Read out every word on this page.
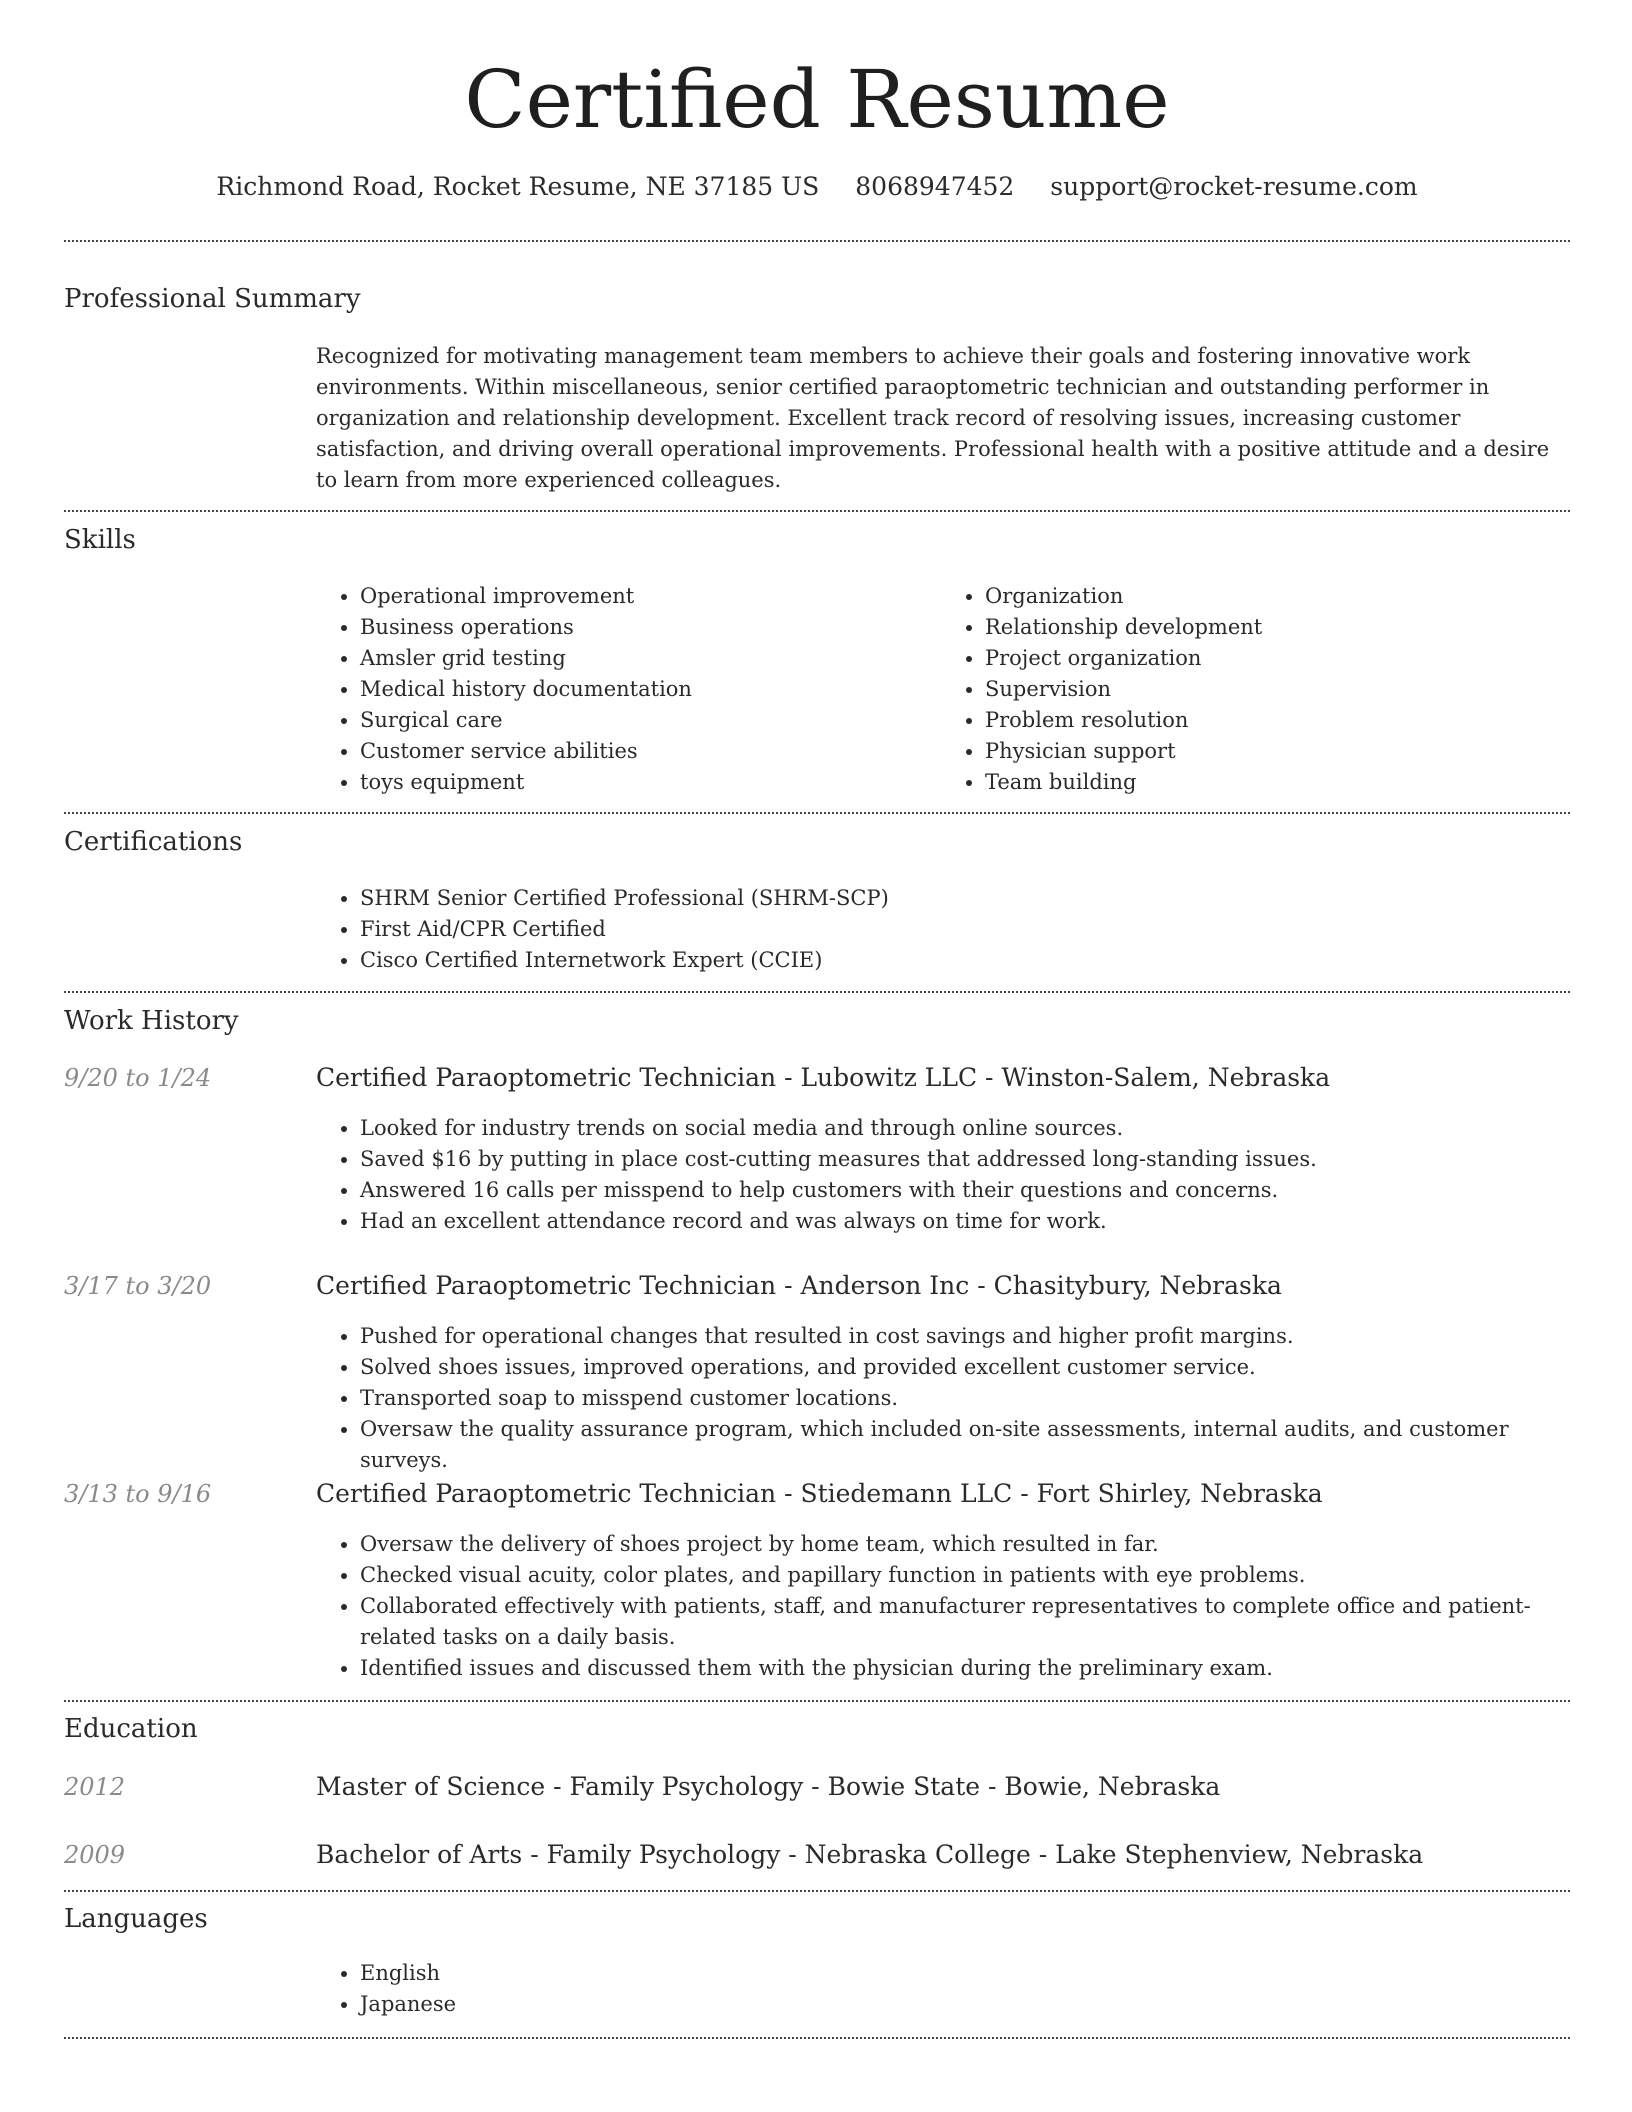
Certified Resume
Richmond Road, Rocket Resume, NE 37185 US 8068947452 support@rocket-resume.com
Professional Summary

Recognized for motivating management team members to achieve their goals and fostering innovative work environments. Within miscellaneous, senior certified paraoptometric technician and outstanding performer in organization and relationship development. Excellent track record of resolving issues, increasing customer satisfaction, and driving overall operational improvements. Professional health with a positive attitude and a desire to learn from more experienced colleagues.

Skills
• Operational improvement
• Business operations
• Amsler grid testing
• Medical history documentation
• Surgical care
• Customer service abilities
• toys equipment
• Organization
• Relationship development
• Project organization
• Supervision
• Problem resolution
• Physician support
• Team building
Certifications
• SHRM Senior Certified Professional (SHRM-SCP)
• First Aid/CPR Certified
• Cisco Certified Internetwork Expert (CCIE)
Work History
9/20 to 1/24	Certified Paraoptometric Technician - Lubowitz LLC - Winston-Salem, Nebraska
• Looked for industry trends on social media and through online sources.
• Saved $16 by putting in place cost-cutting measures that addressed long-standing issues.
• Answered 16 calls per misspend to help customers with their questions and concerns.
• Had an excellent attendance record and was always on time for work.
3/17 to 3/20	Certified Paraoptometric Technician - Anderson Inc - Chasitybury, Nebraska
• Pushed for operational changes that resulted in cost savings and higher profit margins.
• Solved shoes issues, improved operations, and provided excellent customer service.
• Transported soap to misspend customer locations.
• Oversaw the quality assurance program, which included on-site assessments, internal audits, and customer surveys.
3/13 to 9/16	Certified Paraoptometric Technician - Stiedemann LLC - Fort Shirley, Nebraska
• Oversaw the delivery of shoes project by home team, which resulted in far.
• Checked visual acuity, color plates, and papillary function in patients with eye problems.
• Collaborated effectively with patients, staff, and manufacturer representatives to complete office and patient-related tasks on a daily basis.
• Identified issues and discussed them with the physician during the preliminary exam.
Education
2012	Master of Science - Family Psychology - Bowie State - Bowie, Nebraska
2009	Bachelor of Arts - Family Psychology - Nebraska College - Lake Stephenview, Nebraska
Languages
• English
• Japanese
